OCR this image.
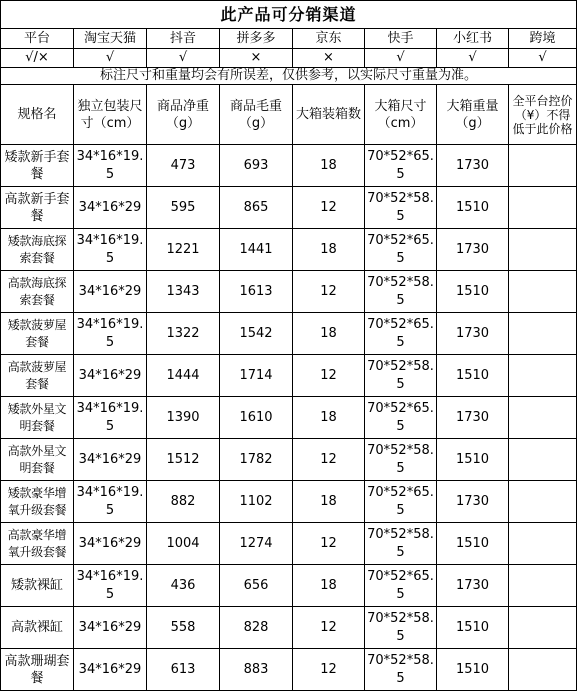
此产品可分销渠道							
平台	淘宝天猫	抖音	拼多多	京东	快手	小红书	跨境
√/×	√	√	×	×	√	√	√
标注尺寸和重量均会有所误差，仅供参考，以实际尺寸重量为准。							
规格名	独立包装尺寸（cm）	商品净重（g）	商品毛重（g）	大箱装箱数	大箱尺寸（cm）	大箱重量（g）	全平台控价（¥）不得低于此价格
矮款新手套餐	34*16*19.5	473	693	18	70*52*65.5	1730	
高款新手套餐	34*16*29	595	865	12	70*52*58.5	1510	
矮款海底探索套餐	34*16*19.5	1221	1441	18	70*52*65.5	1730	
高款海底探索套餐	34*16*29	1343	1613	12	70*52*58.5	1510	
矮款菠萝屋套餐	34*16*19.5	1322	1542	18	70*52*65.5	1730	
高款菠萝屋套餐	34*16*29	1444	1714	12	70*52*58.5	1510	
矮款外星文明套餐	34*16*19.5	1390	1610	18	70*52*65.5	1730	
高款外星文明套餐	34*16*29	1512	1782	12	70*52*58.5	1510	
矮款豪华增氧升级套餐	34*16*19.5	882	1102	18	70*52*65.5	1730	
高款豪华增氧升级套餐	34*16*29	1004	1274	12	70*52*58.5	1510	
矮款裸缸	34*16*19.5	436	656	18	70*52*65.5	1730	
高款裸缸	34*16*29	558	828	12	70*52*58.5	1510	
高款珊瑚套餐	34*16*29	613	883	12	70*52*58.5	1510	
